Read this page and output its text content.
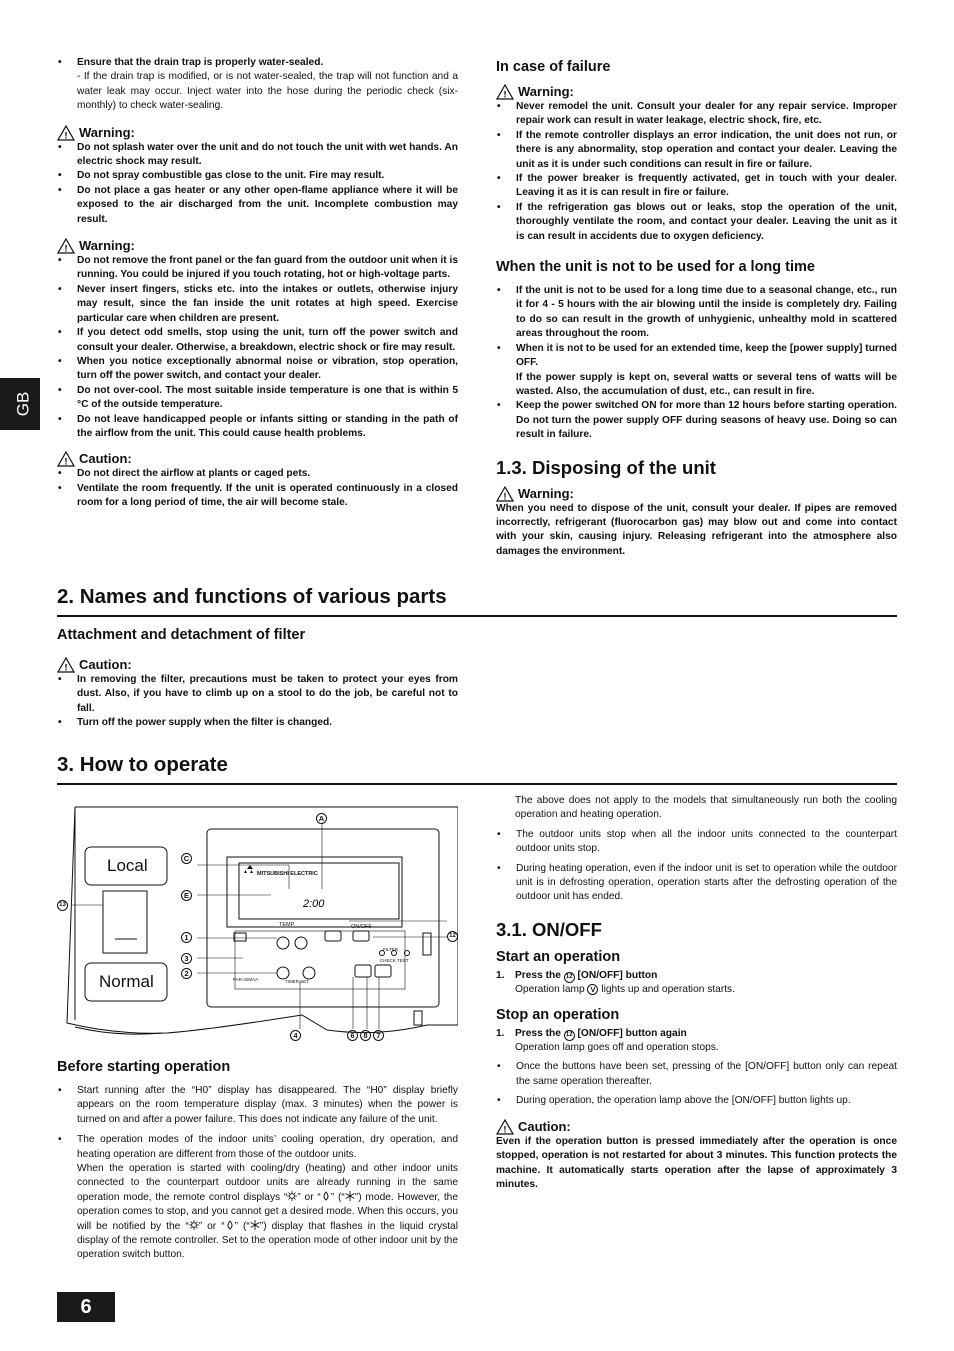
GB
6
• Ensure that the drain trap is properly water-sealed.
- If the drain trap is modified, or is not water-sealed, the trap will not function and a water leak may occur. Inject water into the hose during the periodic check (six-monthly) to check water-sealing.
! Warning:
• Do not splash water over the unit and do not touch the unit with wet hands. An electric shock may result.
• Do not spray combustible gas close to the unit. Fire may result.
• Do not place a gas heater or any other open-flame appliance where it will be exposed to the air discharged from the unit. Incomplete combustion may result.
! Warning:
• Do not remove the front panel or the fan guard from the outdoor unit when it is running. You could be injured if you touch rotating, hot or high-voltage parts.
• Never insert fingers, sticks etc. into the intakes or outlets, otherwise injury may result, since the fan inside the unit rotates at high speed. Exercise particular care when children are present.
• If you detect odd smells, stop using the unit, turn off the power switch and consult your dealer. Otherwise, a breakdown, electric shock or fire may result.
• When you notice exceptionally abnormal noise or vibration, stop operation, turn off the power switch, and contact your dealer.
• Do not over-cool. The most suitable inside temperature is one that is within 5 °C of the outside temperature.
• Do not leave handicapped people or infants sitting or standing in the path of the airflow from the unit. This could cause health problems.
! Caution:
• Do not direct the airflow at plants or caged pets.
• Ventilate the room frequently. If the unit is operated continuously in a closed room for a long period of time, the air will become stale.
In case of failure
! Warning:
• Never remodel the unit. Consult your dealer for any repair service. Improper repair work can result in water leakage, electric shock, fire, etc.
• If the remote controller displays an error indication, the unit does not run, or there is any abnormality, stop operation and contact your dealer. Leaving the unit as it is under such conditions can result in fire or failure.
• If the power breaker is frequently activated, get in touch with your dealer. Leaving it as it is can result in fire or failure.
• If the refrigeration gas blows out or leaks, stop the operation of the unit, thoroughly ventilate the room, and contact your dealer. Leaving the unit as it is can result in accidents due to oxygen deficiency.
When the unit is not to be used for a long time
• If the unit is not to be used for a long time due to a seasonal change, etc., run it for 4 - 5 hours with the air blowing until the inside is completely dry. Failing to do so can result in the growth of unhygienic, unhealthy mold in scattered areas throughout the room.
• When it is not to be used for an extended time, keep the [power supply] turned OFF.
If the power supply is kept on, several watts or several tens of watts will be wasted. Also, the accumulation of dust, etc., can result in fire.
• Keep the power switched ON for more than 12 hours before starting operation. Do not turn the power supply OFF during seasons of heavy use. Doing so can result in failure.
1.3. Disposing of the unit
! Warning:
When you need to dispose of the unit, consult your dealer. If pipes are removed incorrectly, refrigerant (fluorocarbon gas) may blow out and come into contact with your skin, causing injury. Releasing refrigerant into the atmosphere also damages the environment.
2. Names and functions of various parts
Attachment and detachment of filter
! Caution:
• In removing the filter, precautions must be taken to protect your eyes from dust. Also, if you have to climb up on a stool to do the job, be careful not to fall.
• Turn off the power supply when the filter is changed.
3. How to operate
2:00
Local
Normal
MITSUBISHI ELECTRIC
PAR-20MAA
TEMP.	ON/OFF
FILTER
CHECK TEST
TIMER SET
A
C
E
1
3
2
4	6	8	7
13
12
Before starting operation
• Start running after the “H0” display has disappeared. The “H0” display briefly appears on the room temperature display (max. 3 minutes) when the power is turned on and after a power failure. This does not indicate any failure of the unit.
• The operation modes of the indoor units’ cooling operation, dry operation, and heating operation are different from those of the outdoor units.
When the operation is started with cooling/dry (heating) and other indoor units connected to the counterpart outdoor units are already running in the same operation mode, the remote control displays “ ” or “ ” (“ ”) mode. However, the operation comes to stop, and you cannot get a desired mode. When this occurs, you will be notified by the “ ” or “ ” (“ ”) display that flashes in the liquid crystal display of the remote controller. Set to the operation mode of other indoor unit by the operation switch button.
The above does not apply to the models that simultaneously run both the cooling operation and heating operation.
• The outdoor units stop when all the indoor units connected to the counterpart outdoor units stop.
• During heating operation, even if the indoor unit is set to operation while the outdoor unit is in defrosting operation, operation starts after the defrosting operation of the outdoor unit has ended.
3.1. ON/OFF
Start an operation
1. Press the 12 [ON/OFF] button
Operation lamp V lights up and operation starts.
Stop an operation
1. Press the 12 [ON/OFF] button again
Operation lamp goes off and operation stops.
• Once the buttons have been set, pressing of the [ON/OFF] button only can repeat the same operation thereafter.
• During operation, the operation lamp above the [ON/OFF] button lights up.
! Caution:
Even if the operation button is pressed immediately after the operation is once stopped, operation is not restarted for about 3 minutes. This function protects the machine. It automatically starts operation after the lapse of approximately 3 minutes.
